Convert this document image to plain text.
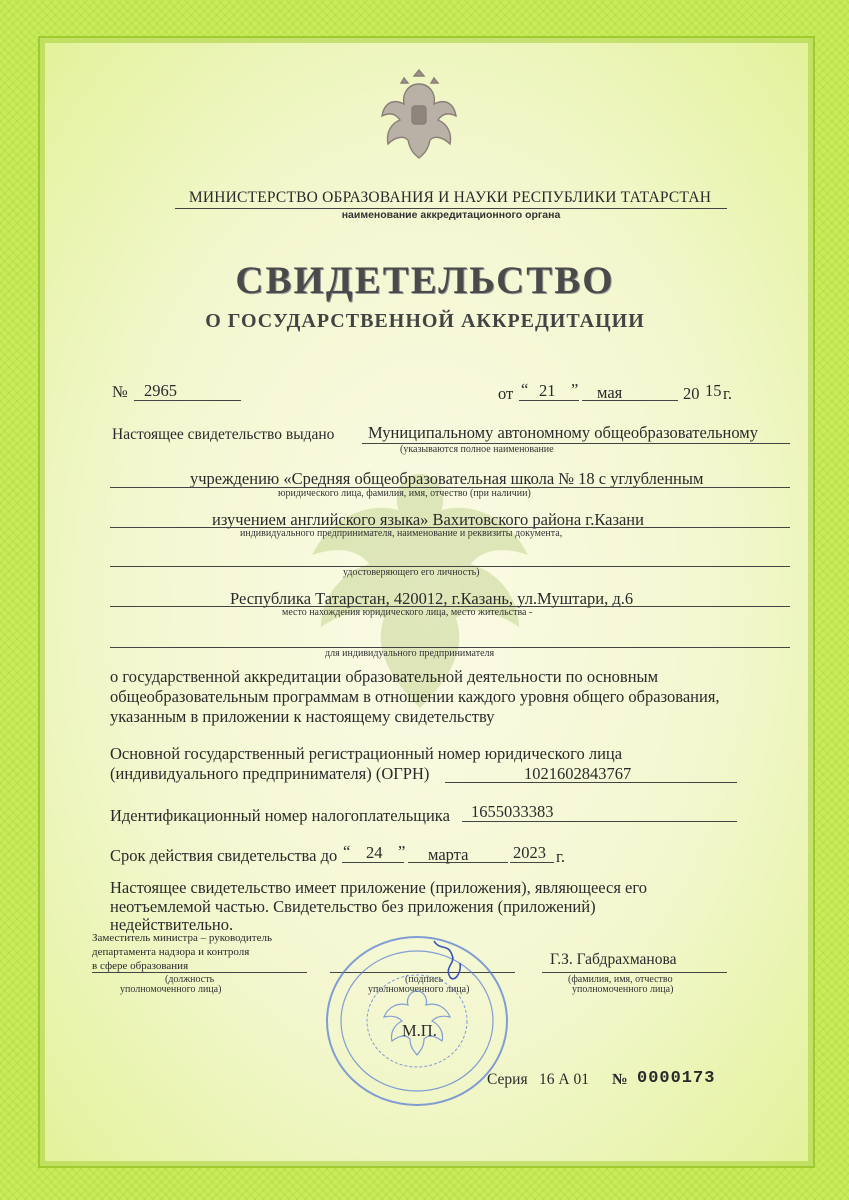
МИНИСТЕРСТВО ОБРАЗОВАНИЯ И НАУКИ РЕСПУБЛИКИ ТАТАРСТАН
наименование аккредитационного органа
СВИДЕТЕЛЬСТВО
О ГОСУДАРСТВЕННОЙ АККРЕДИТАЦИИ
№ 2965	от “ 21 ” мая	20 15 г.
Настоящее свидетельство выдано Муниципальному автономному общеобразовательному
(указываются полное наименование
учреждению «Средняя общеобразовательная школа № 18 с углубленным
юридического лица, фамилия, имя, отчество (при наличии)
изучением английского языка» Вахитовского района г.Казани
индивидуального предпринимателя, наименование и реквизиты документа,
удостоверяющего его личность)
Республика Татарстан, 420012, г.Казань, ул.Муштари, д.6
место нахождения юридического лица, место жительства -
для индивидуального предпринимателя
о государственной аккредитации образовательной деятельности по основным
общеобразовательным программам в отношении каждого уровня общего образования,
указанным в приложении к настоящему свидетельству
Основной государственный регистрационный номер юридического лица
(индивидуального предпринимателя) (ОГРН)	1021602843767
Идентификационный номер налогоплательщика 1655033383
Срок действия свидетельства до “ 24 ” марта	2023 г.
Настоящее свидетельство имеет приложение (приложения), являющееся его
неотъемлемой частью. Свидетельство без приложения (приложений)
недействительно.
Заместитель министра – руководитель
департамента надзора и контроля
в сфере образования
(должность
уполномоченного лица)
(подпись
уполномоченного лица)
Г.З. Габдрахманова
(фамилия, имя, отчество
уполномоченного лица)
М.П.
Серия 16 А 01 № 0000173
